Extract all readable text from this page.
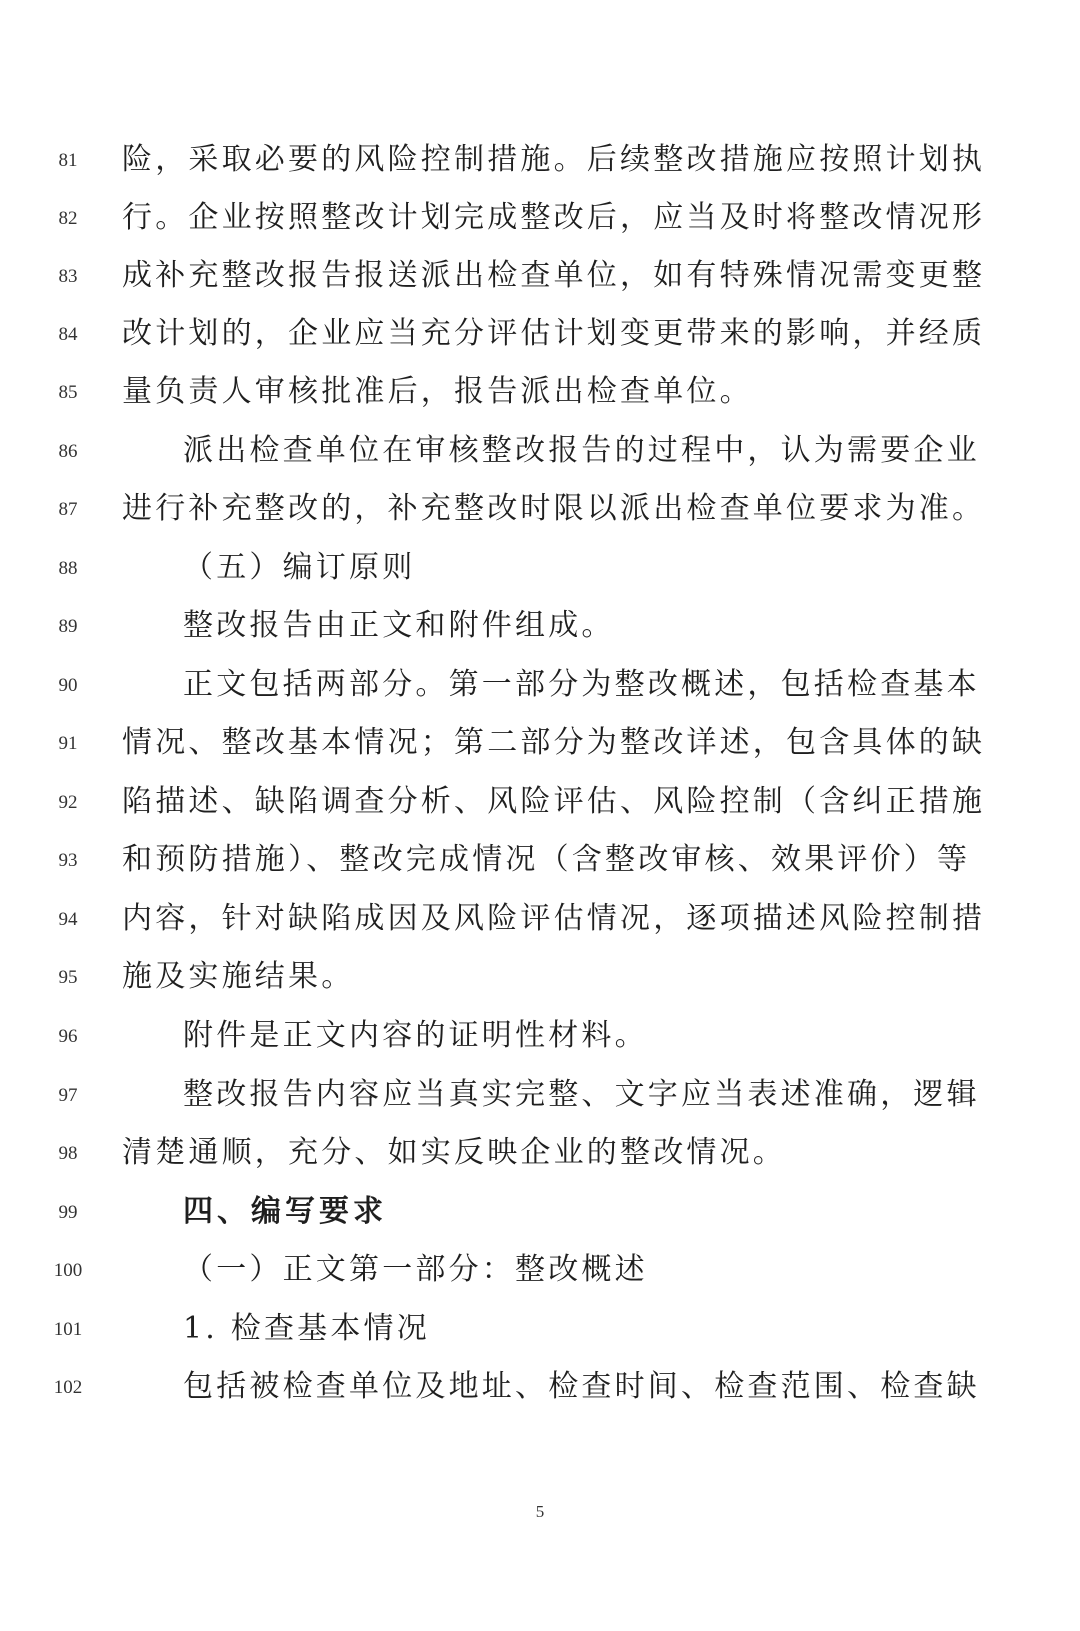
81	险，采取必要的风险控制措施。后续整改措施应按照计划执
82	行。企业按照整改计划完成整改后，应当及时将整改情况形
83	成补充整改报告报送派出检查单位，如有特殊情况需变更整
84	改计划的，企业应当充分评估计划变更带来的影响，并经质
85	量负责人审核批准后，报告派出检查单位。
86	派出检查单位在审核整改报告的过程中，认为需要企业
87	进行补充整改的，补充整改时限以派出检查单位要求为准。
88	（五）编订原则
89	整改报告由正文和附件组成。
90	正文包括两部分。第一部分为整改概述，包括检查基本
91	情况、整改基本情况；第二部分为整改详述，包含具体的缺
92	陷描述、缺陷调查分析、风险评估、风险控制（含纠正措施
93	和预防措施）、整改完成情况（含整改审核、效果评价）等
94	内容，针对缺陷成因及风险评估情况，逐项描述风险控制措
95	施及实施结果。
96	附件是正文内容的证明性材料。
97	整改报告内容应当真实完整、文字应当表述准确，逻辑
98	清楚通顺，充分、如实反映企业的整改情况。
99	四、编写要求
100	（一）正文第一部分：整改概述
101	1. 检查基本情况
102	包括被检查单位及地址、检查时间、检查范围、检查缺
5
